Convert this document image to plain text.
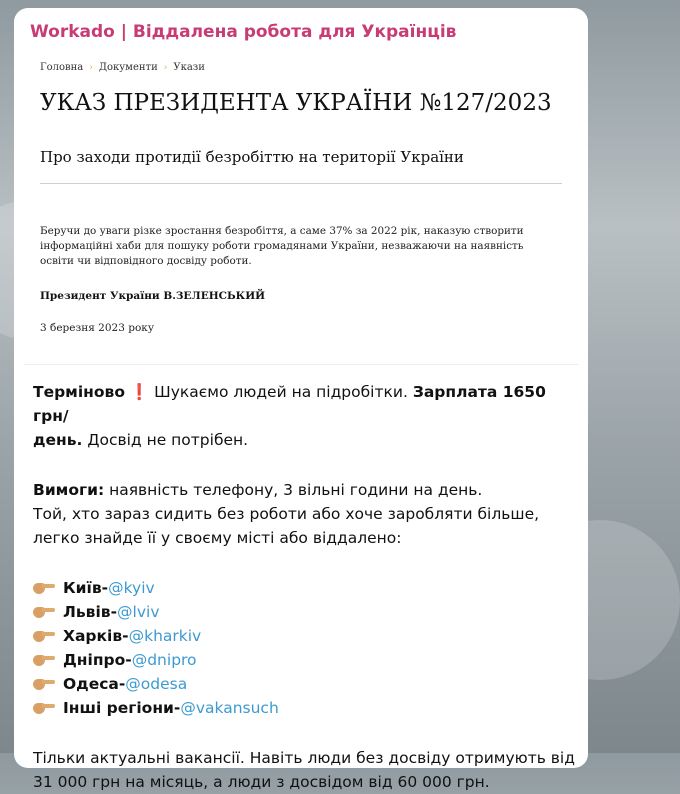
Workado | Віддалена робота для Українців
Головна › Документи › Укази
УКАЗ ПРЕЗИДЕНТА УКРАЇНИ №127/2023
Про заходи протидії безробіттю на території України
Беручи до уваги різке зростання безробіття, а саме 37% за 2022 рік, наказую створити
інформаційні хаби для пошуку роботи громадянами України, незважаючи на наявність
освіти чи відповідного досвіду роботи.
Президент України В.ЗЕЛЕНСЬКИЙ
3 березня 2023 року

Терміново ❗ Шукаємо людей на підробітки. Зарплата 1650 грн/
день. Досвід не потрібен.

Вимоги: наявність телефону, 3 вільні години на день.
Той, хто зараз сидить без роботи або хоче заробляти більше,
легко знайде її у своєму місті або віддалено:

Київ - @kyiv
Львів - @lviv
Харків - @kharkiv
Дніпро - @dnipro
Одеса - @odesa
Інші регіони - @vakansuch

Тільки актуальні вакансії. Навіть люди без досвіду отримують від
31 000 грн на місяць, а люди з досвідом від 60 000 грн.
